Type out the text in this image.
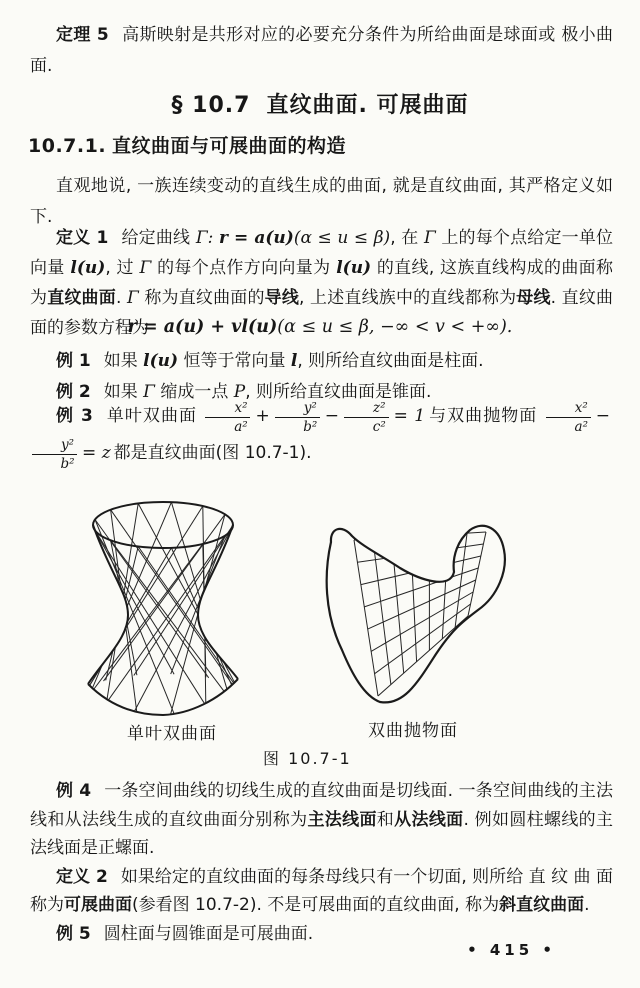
定理 5 高斯映射是共形对应的必要充分条件为所给曲面是球面或 极小曲面.

§ 10.7 直纹曲面. 可展曲面
10.7.1. 直纹曲面与可展曲面的构造

直观地说, 一族连续变动的直线生成的曲面, 就是直纹曲面, 其严格定义如下.

定义 1 给定曲线 Γ: r = a(u)(α ≤ u ≤ β), 在 Γ 上的每个点给定一单位向量 l(u), 过 Γ 的每个点作方向向量为 l(u) 的直线, 这族直线构成的曲面称为直纹曲面. Γ 称为直纹曲面的导线, 上述直线族中的直线都称为母线. 直纹曲面的参数方程为

r = a(u) + vl(u)(α ≤ u ≤ β, −∞ < v < +∞).

例 1 如果 l(u) 恒等于常向量 l, 则所给直纹曲面是柱面.

例 2 如果 Γ 缩成一点 P, 则所给直纹曲面是锥面.

例 3 单叶双曲面 $\frac{\text{x²}}{\text{a²}} + \frac{\text{y²}}{\text{b²}} - \frac{\text{z²}}{\text{c²}} = 1$ 与双曲抛物面 $\frac{\text{x²}}{\text{a²}}$ −
$\frac{\text{y²}}{\text{b²}} = z$ 都是直纹曲面(图 10.7-1).

单叶双曲面	双曲抛物面
图 10.7-1

例 4 一条空间曲线的切线生成的直纹曲面是切线面. 一条空间曲线的主法线和从法线生成的直纹曲面分别称为主法线面和从法线面. 例如圆柱螺线的主法线面是正螺面.

定义 2 如果给定的直纹曲面的每条母线只有一个切面, 则所给 直 纹 曲 面称为可展曲面(参看图 10.7-2). 不是可展曲面的直纹曲面, 称为斜直纹曲面.

例 5 圆柱面与圆锥面是可展曲面.

• 415 •
